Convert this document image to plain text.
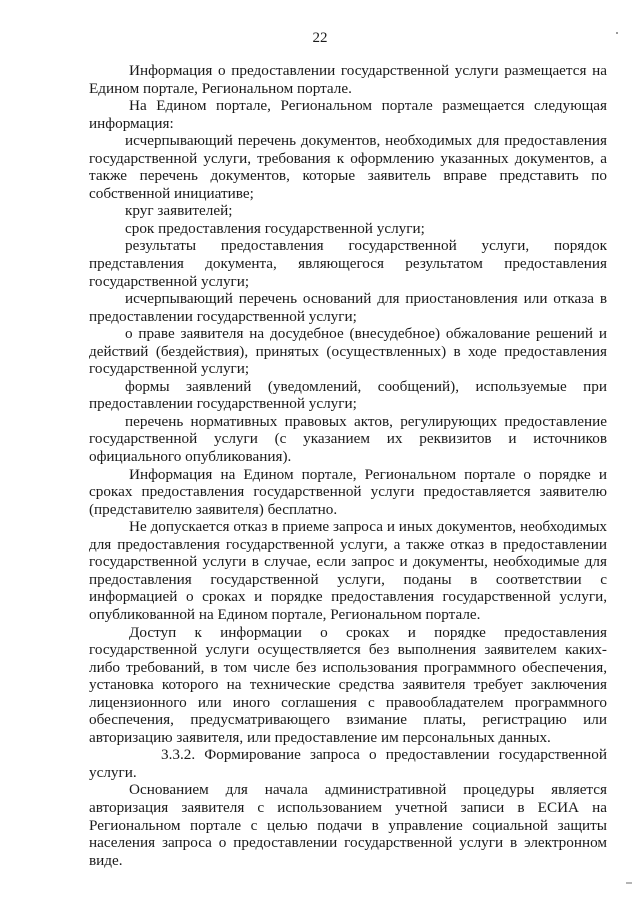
22

Информация о предоставлении государственной услуги размещается на Едином портале, Региональном портале.

На Едином портале, Региональном портале размещается следующая информация:

исчерпывающий перечень документов, необходимых для предоставления государственной услуги, требования к оформлению указанных документов, а также перечень документов, которые заявитель вправе представить по собственной инициативе;

круг заявителей;

срок предоставления государственной услуги;

результаты предоставления государственной услуги, порядок представления документа, являющегося результатом предоставления государственной услуги;

исчерпывающий перечень оснований для приостановления или отказа в предоставлении государственной услуги;

о праве заявителя на досудебное (внесудебное) обжалование решений и действий (бездействия), принятых (осуществленных) в ходе предоставления государственной услуги;

формы заявлений (уведомлений, сообщений), используемые при предоставлении государственной услуги;

перечень нормативных правовых актов, регулирующих предоставление государственной услуги (с указанием их реквизитов и источников официального опубликования).

Информация на Едином портале, Региональном портале о порядке и сроках предоставления государственной услуги предоставляется заявителю (представителю заявителя) бесплатно.

Не допускается отказ в приеме запроса и иных документов, необходимых для предоставления государственной услуги, а также отказ в предоставлении государственной услуги в случае, если запрос и документы, необходимые для предоставления государственной услуги, поданы в соответствии с информацией о сроках и порядке предоставления государственной услуги, опубликованной на Едином портале, Региональном портале.

Доступ к информации о сроках и порядке предоставления государственной услуги осуществляется без выполнения заявителем каких-либо требований, в том числе без использования программного обеспечения, установка которого на технические средства заявителя требует заключения лицензионного или иного соглашения с правообладателем программного обеспечения, предусматривающего взимание платы, регистрацию или авторизацию заявителя, или предоставление им персональных данных.

3.3.2. Формирование запроса о предоставлении государственной услуги.

Основанием для начала административной процедуры является авторизация заявителя с использованием учетной записи в ЕСИА на Региональном портале с целью подачи в управление социальной защиты населения запроса о предоставлении государственной услуги в электронном виде.
